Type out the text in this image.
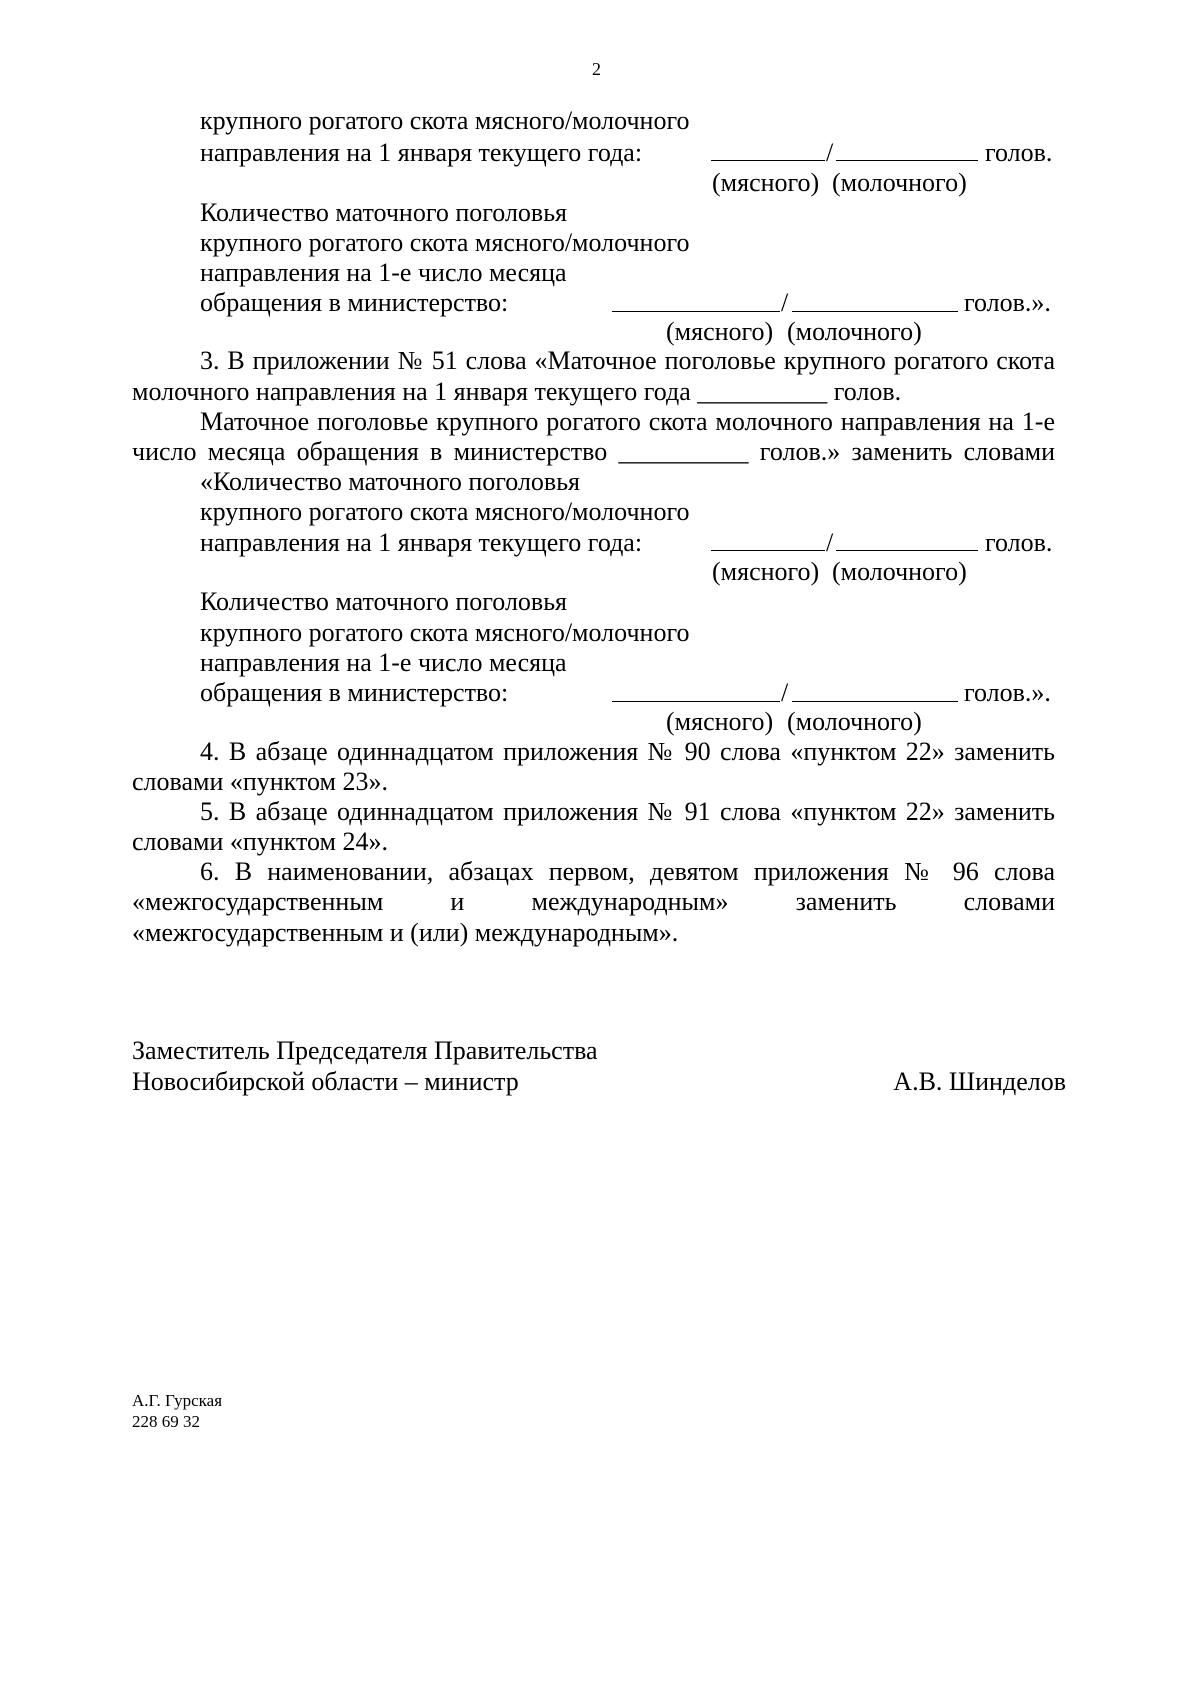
2
крупного рогатого скота мясного/молочного
направления на 1 января текущего года:	/	голов.
(мясного) (молочного)
Количество маточного поголовья
крупного рогатого скота мясного/молочного
направления на 1-е число месяца
обращения в министерство:	/	голов.».
(мясного) (молочного)
3. В приложении № 51 слова «Маточное поголовье крупного рогатого скота
молочного направления на 1 января текущего года __________ голов.
Маточное поголовье крупного рогатого скота молочного направления на 1-е
число месяца обращения в министерство __________ голов.» заменить словами
«Количество маточного поголовья
крупного рогатого скота мясного/молочного
направления на 1 января текущего года:	/	голов.
(мясного) (молочного)
Количество маточного поголовья
крупного рогатого скота мясного/молочного
направления на 1-е число месяца
обращения в министерство:	/	голов.».
(мясного) (молочного)
4. В абзаце одиннадцатом приложения № 90 слова «пунктом 22» заменить
словами «пунктом 23».
5. В абзаце одиннадцатом приложения № 91 слова «пунктом 22» заменить
словами «пунктом 24».
6. В наименовании, абзацах первом, девятом приложения № 96 слова
«межгосударственным и международным» заменить словами
«межгосударственным и (или) международным».
Заместитель Председателя Правительства
Новосибирской области – министр	А.В. Шинделов
А.Г. Гурская
228 69 32
